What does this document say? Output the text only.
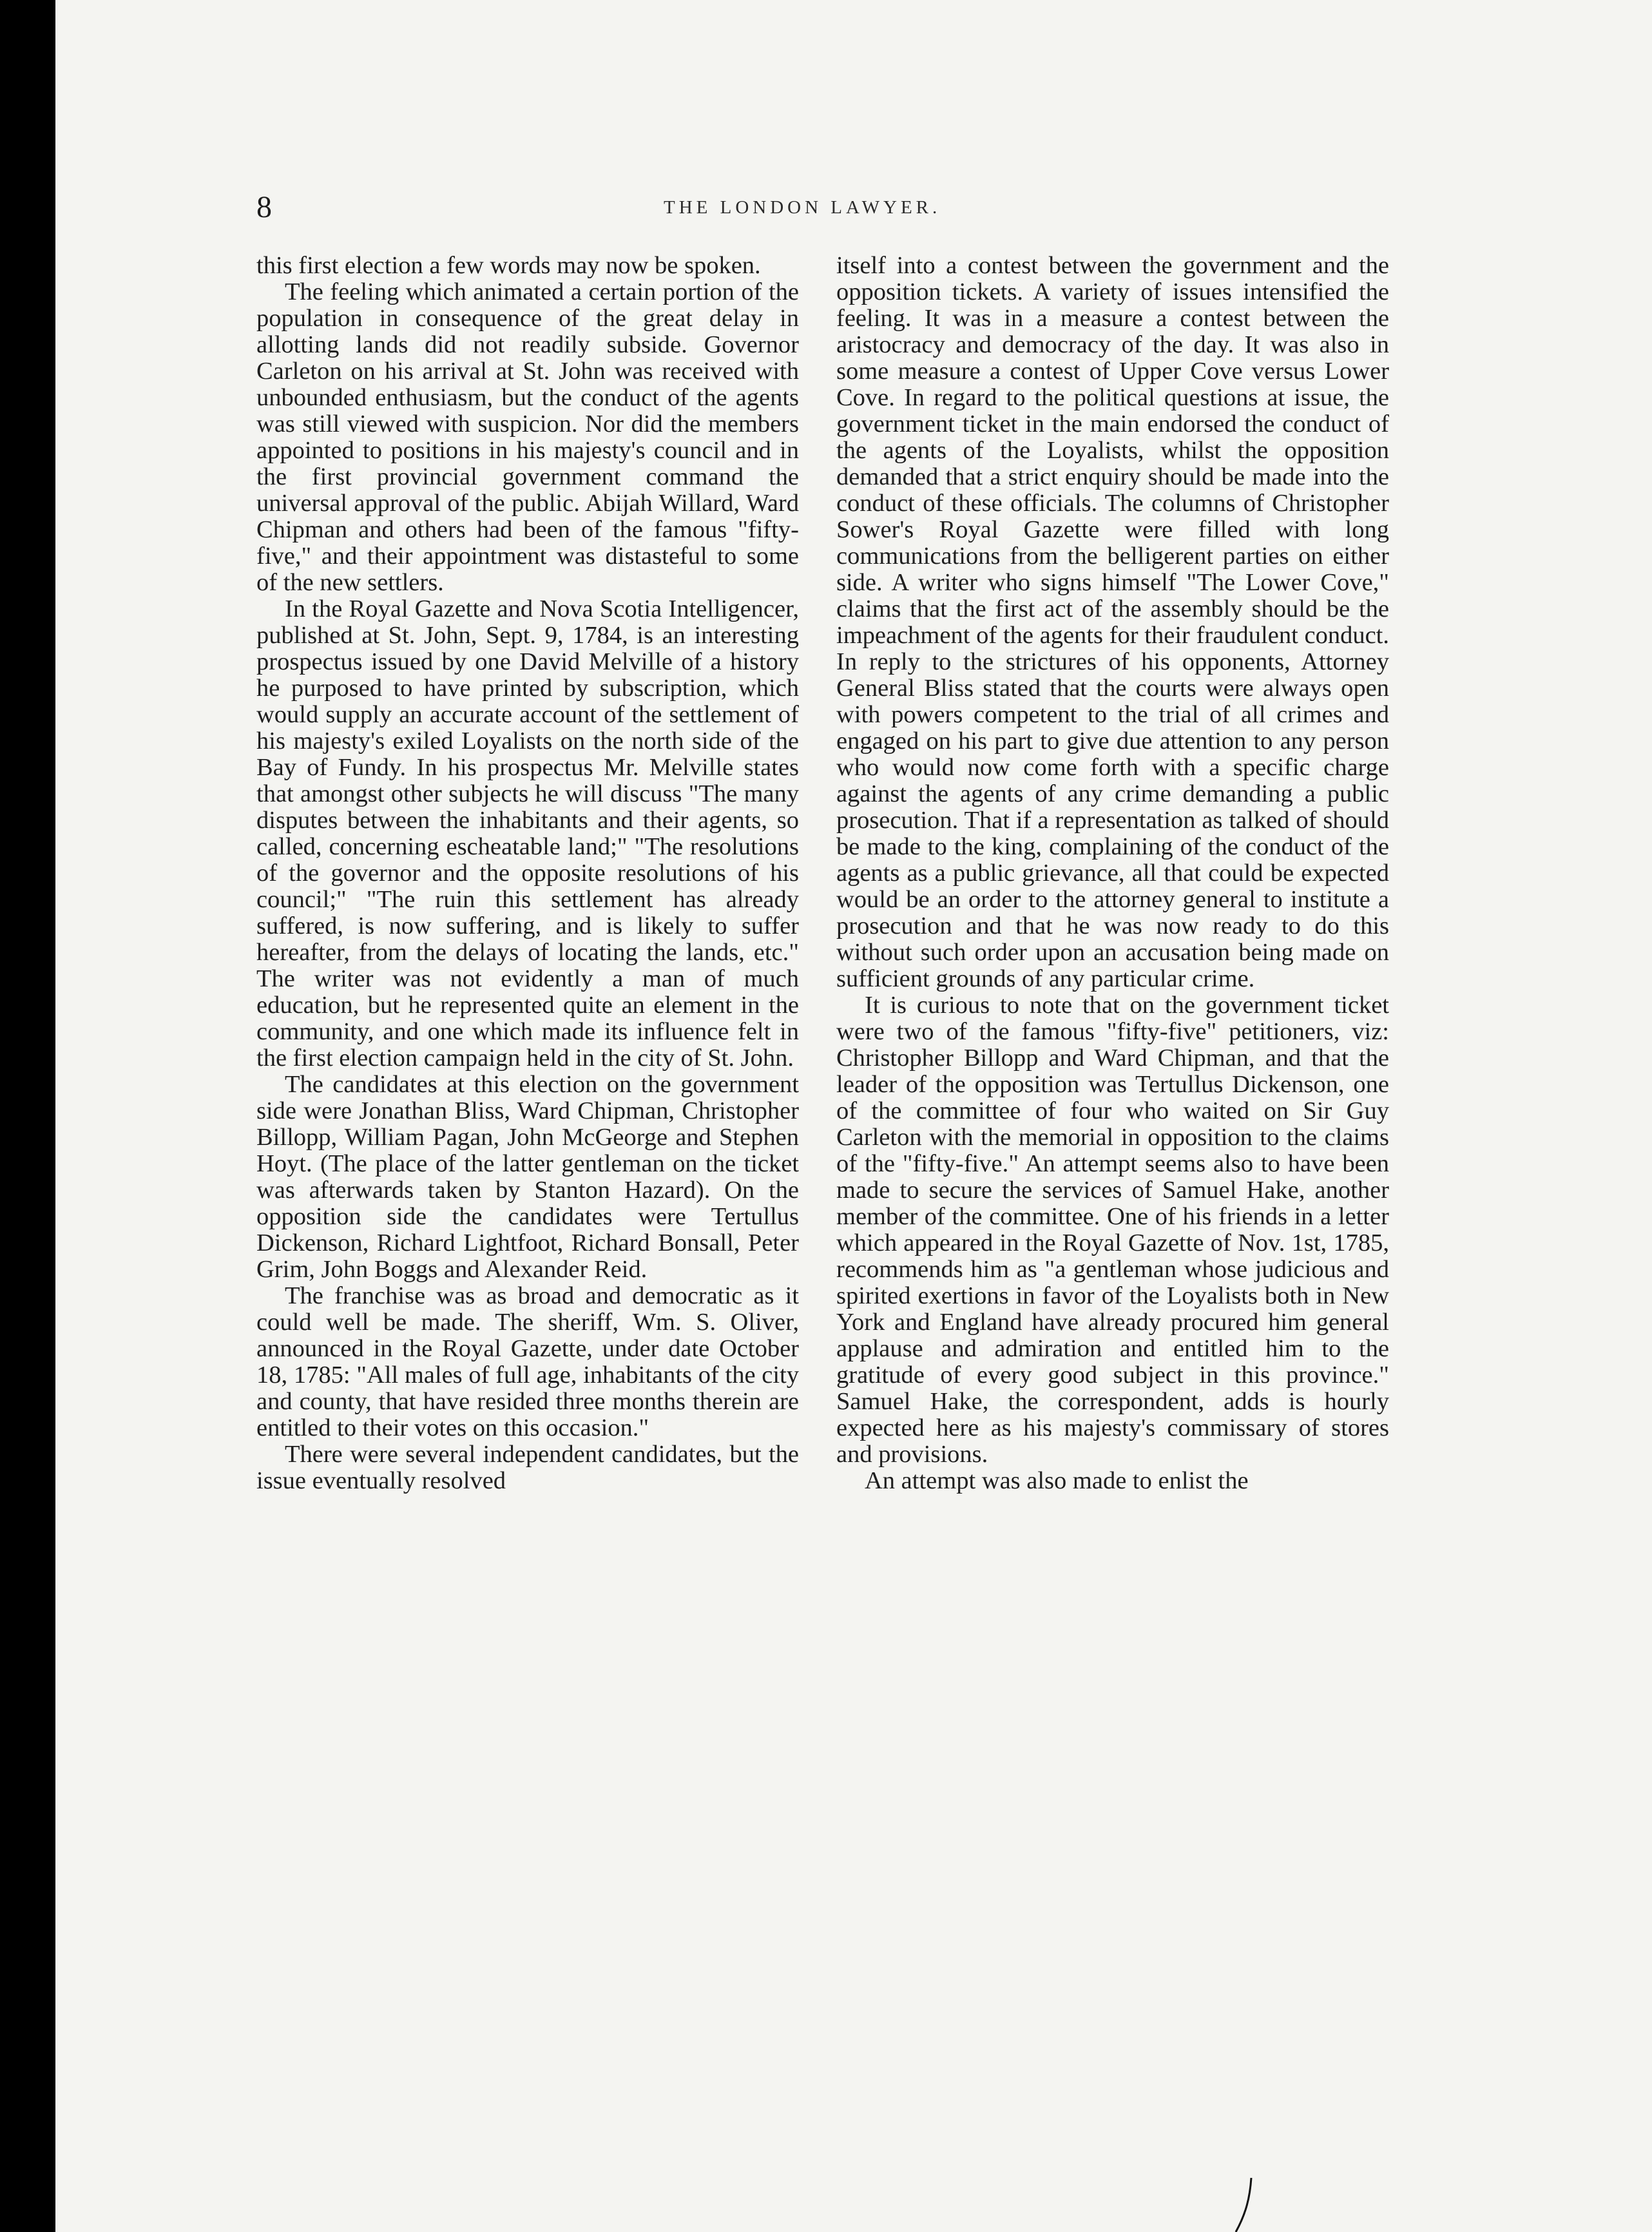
8	THE LONDON LAWYER.

this first election a few words may now be spoken.

The feeling which animated a certain portion of the population in consequence of the great delay in allotting lands did not readily subside. Governor Carleton on his arrival at St. John was received with unbounded enthusiasm, but the conduct of the agents was still viewed with suspicion. Nor did the members appointed to positions in his majesty's council and in the first provincial government command the universal approval of the public. Abijah Willard, Ward Chipman and others had been of the famous "fifty-five," and their appointment was distasteful to some of the new settlers.

In the Royal Gazette and Nova Scotia Intelligencer, published at St. John, Sept. 9, 1784, is an interesting prospectus issued by one David Melville of a history he purposed to have printed by subscription, which would supply an accurate account of the settlement of his majesty's exiled Loyalists on the north side of the Bay of Fundy. In his prospectus Mr. Melville states that amongst other subjects he will discuss "The many disputes between the inhabitants and their agents, so called, concerning escheatable land;" "The resolutions of the governor and the opposite resolutions of his council;" "The ruin this settlement has already suffered, is now suffering, and is likely to suffer hereafter, from the delays of locating the lands, etc." The writer was not evidently a man of much education, but he represented quite an element in the community, and one which made its influence felt in the first election campaign held in the city of St. John.

The candidates at this election on the government side were Jonathan Bliss, Ward Chipman, Christopher Billopp, William Pagan, John McGeorge and Stephen Hoyt. (The place of the latter gentleman on the ticket was afterwards taken by Stanton Hazard). On the opposition side the candidates were Tertullus Dickenson, Richard Lightfoot, Richard Bonsall, Peter Grim, John Boggs and Alexander Reid.

The franchise was as broad and democratic as it could well be made. The sheriff, Wm. S. Oliver, announced in the Royal Gazette, under date October 18, 1785: "All males of full age, inhabitants of the city and county, that have resided three months therein are entitled to their votes on this occasion."

There were several independent candidates, but the issue eventually resolved

itself into a contest between the government and the opposition tickets. A variety of issues intensified the feeling. It was in a measure a contest between the aristocracy and democracy of the day. It was also in some measure a contest of Upper Cove versus Lower Cove. In regard to the political questions at issue, the government ticket in the main endorsed the conduct of the agents of the Loyalists, whilst the opposition demanded that a strict enquiry should be made into the conduct of these officials. The columns of Christopher Sower's Royal Gazette were filled with long communications from the belligerent parties on either side. A writer who signs himself "The Lower Cove," claims that the first act of the assembly should be the impeachment of the agents for their fraudulent conduct. In reply to the strictures of his opponents, Attorney General Bliss stated that the courts were always open with powers competent to the trial of all crimes and engaged on his part to give due attention to any person who would now come forth with a specific charge against the agents of any crime demanding a public prosecution. That if a representation as talked of should be made to the king, complaining of the conduct of the agents as a public grievance, all that could be expected would be an order to the attorney general to institute a prosecution and that he was now ready to do this without such order upon an accusation being made on sufficient grounds of any particular crime.

It is curious to note that on the government ticket were two of the famous "fifty-five" petitioners, viz: Christopher Billopp and Ward Chipman, and that the leader of the opposition was Tertullus Dickenson, one of the committee of four who waited on Sir Guy Carleton with the memorial in opposition to the claims of the "fifty-five." An attempt seems also to have been made to secure the services of Samuel Hake, another member of the committee. One of his friends in a letter which appeared in the Royal Gazette of Nov. 1st, 1785, recommends him as "a gentleman whose judicious and spirited exertions in favor of the Loyalists both in New York and England have already procured him general applause and admiration and entitled him to the gratitude of every good subject in this province." Samuel Hake, the correspondent, adds is hourly expected here as his majesty's commissary of stores and provisions.

An attempt was also made to enlist the
